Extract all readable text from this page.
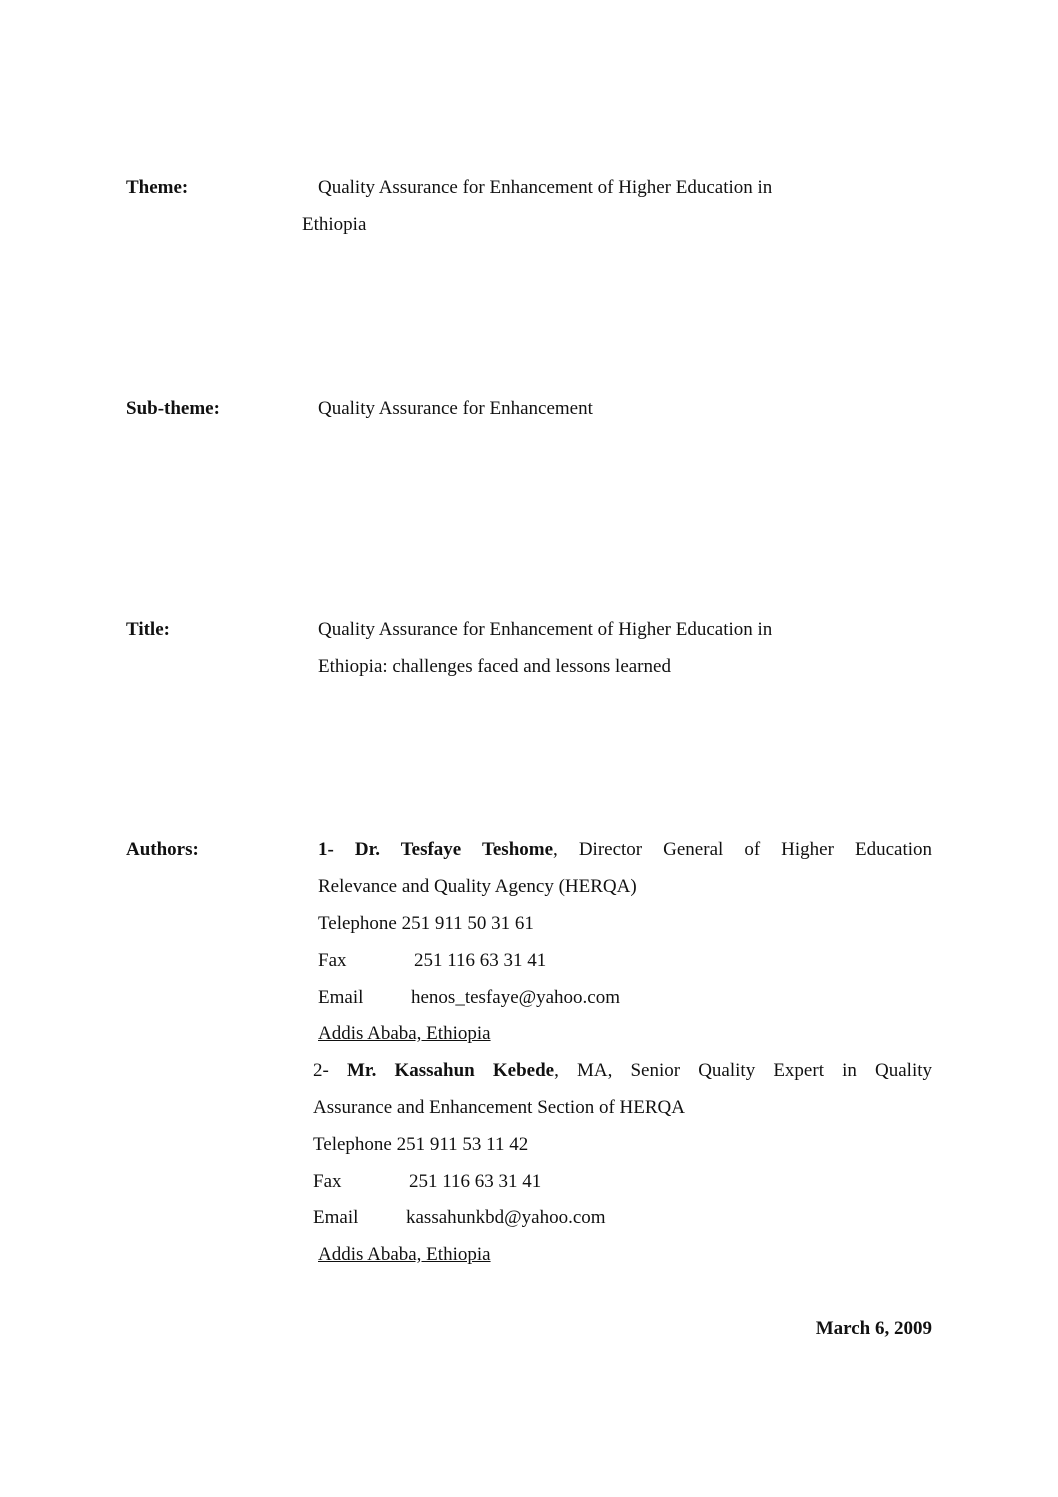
Theme:	Quality Assurance for Enhancement of Higher Education in
Ethiopia
Sub-theme:	Quality Assurance for Enhancement
Title:	Quality Assurance for Enhancement of Higher Education in
Ethiopia: challenges faced and lessons learned
Authors:	1- Dr. Tesfaye Teshome, Director General of Higher Education
Relevance and Quality Agency (HERQA)
Telephone 251 911 50 31 61
Fax	251 116 63 31 41
Email	henos_tesfaye@yahoo.com
Addis Ababa, Ethiopia
2- Mr. Kassahun Kebede, MA, Senior Quality Expert in Quality
Assurance and Enhancement Section of HERQA
Telephone 251 911 53 11 42
Fax	251 116 63 31 41
Email	kassahunkbd@yahoo.com
Addis Ababa, Ethiopia
March 6, 2009
